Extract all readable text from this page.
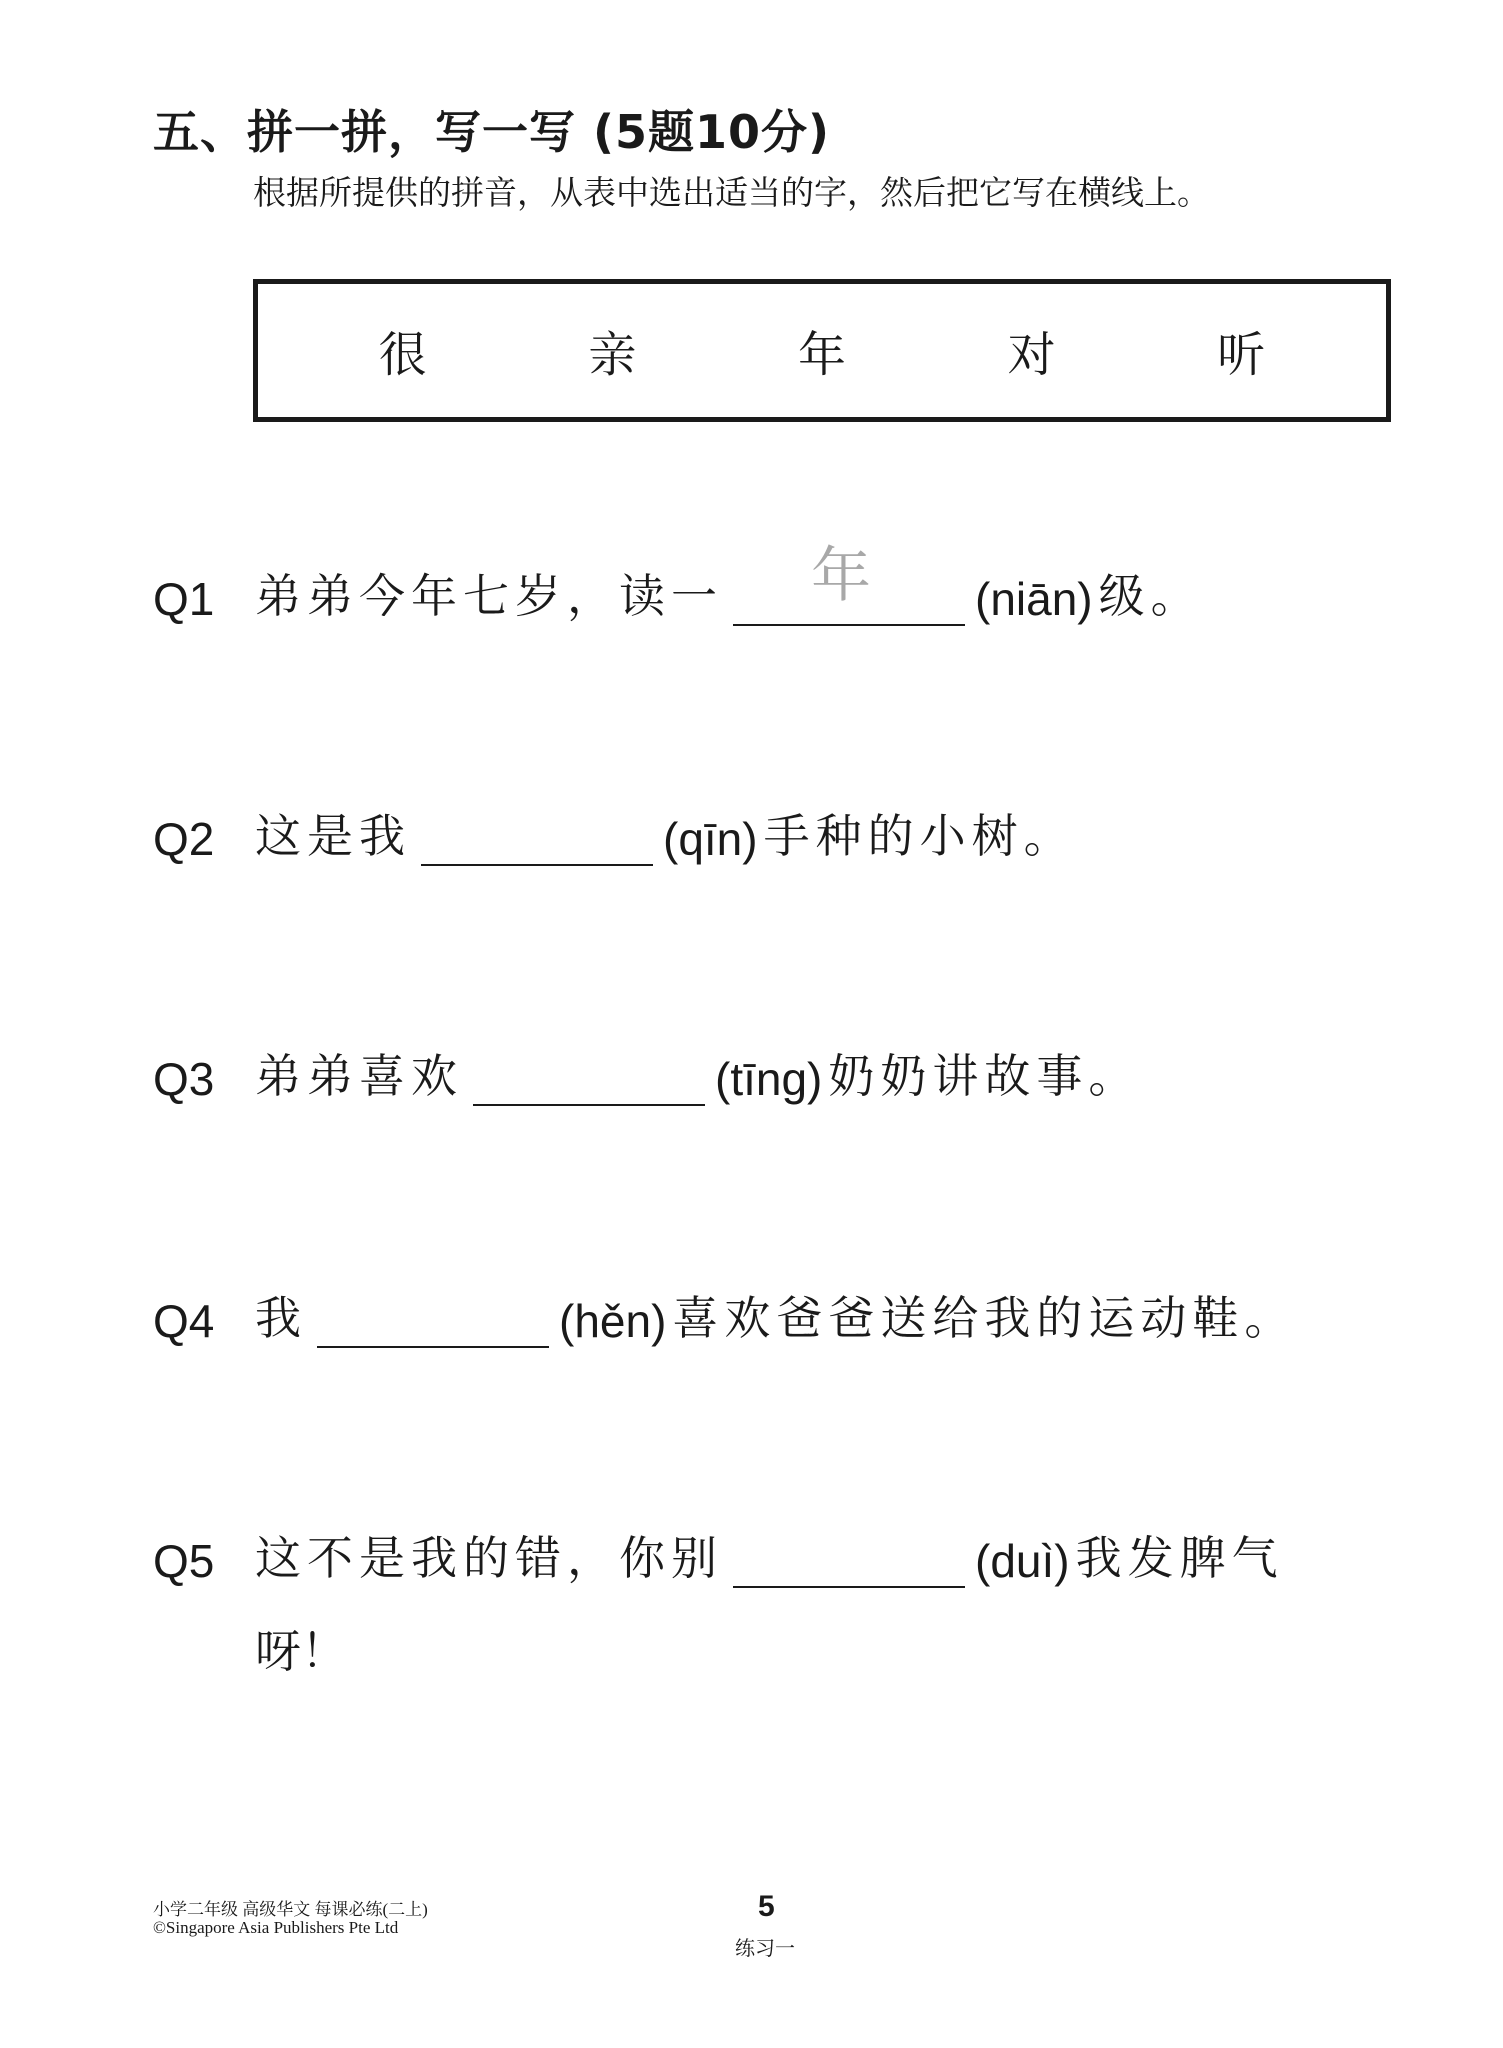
五、拼一拼，写一写 (5题10分)
根据所提供的拼音，从表中选出适当的字，然后把它写在横线上。
很	亲	年	对	听
Q1 弟弟今年七岁，读一 年 (niān) 级。
Q2 这是我	(qīn) 手种的小树。
Q3 弟弟喜欢	(tīng) 奶奶讲故事。
Q4 我	(hěn) 喜欢爸爸送给我的运动鞋。
Q5 这不是我的错，你别	(duì) 我发脾气
呀！
小学二年级 高级华文 每课必练(二上)
©Singapore Asia Publishers Pte Ltd
5
练习一
